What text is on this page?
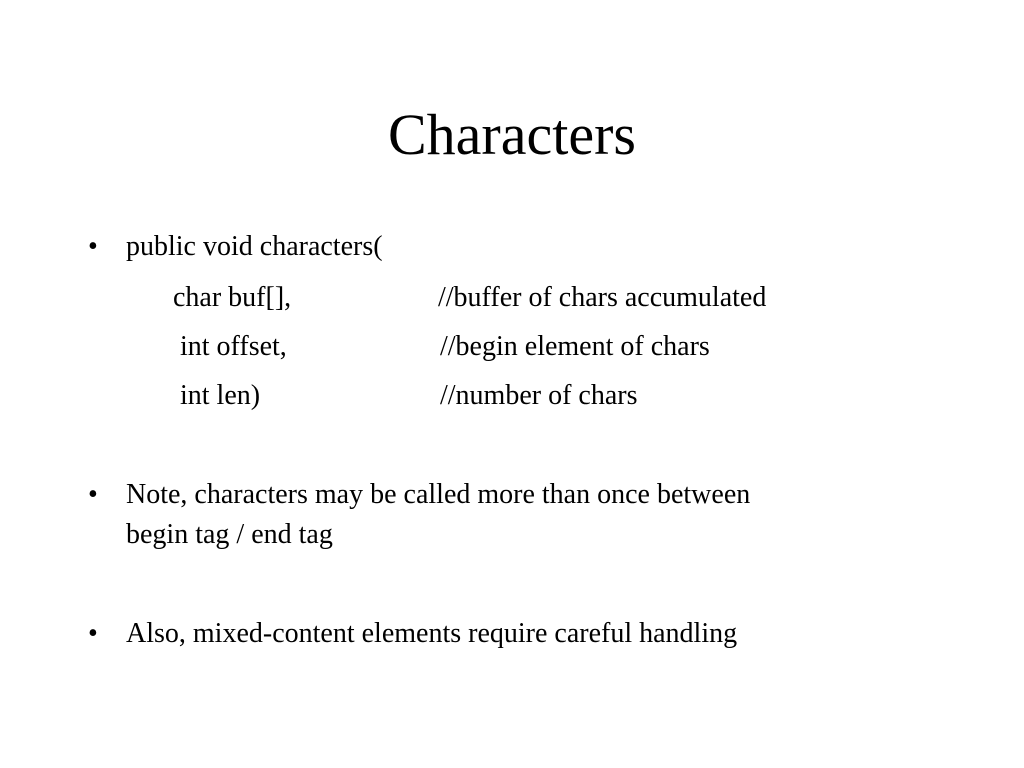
Characters
• public void characters(
char buf[],	//buffer of chars accumulated
int offset,	//begin element of chars
int len)	//number of chars
• Note, characters may be called more than once between
begin tag / end tag
• Also, mixed-content elements require careful handling
